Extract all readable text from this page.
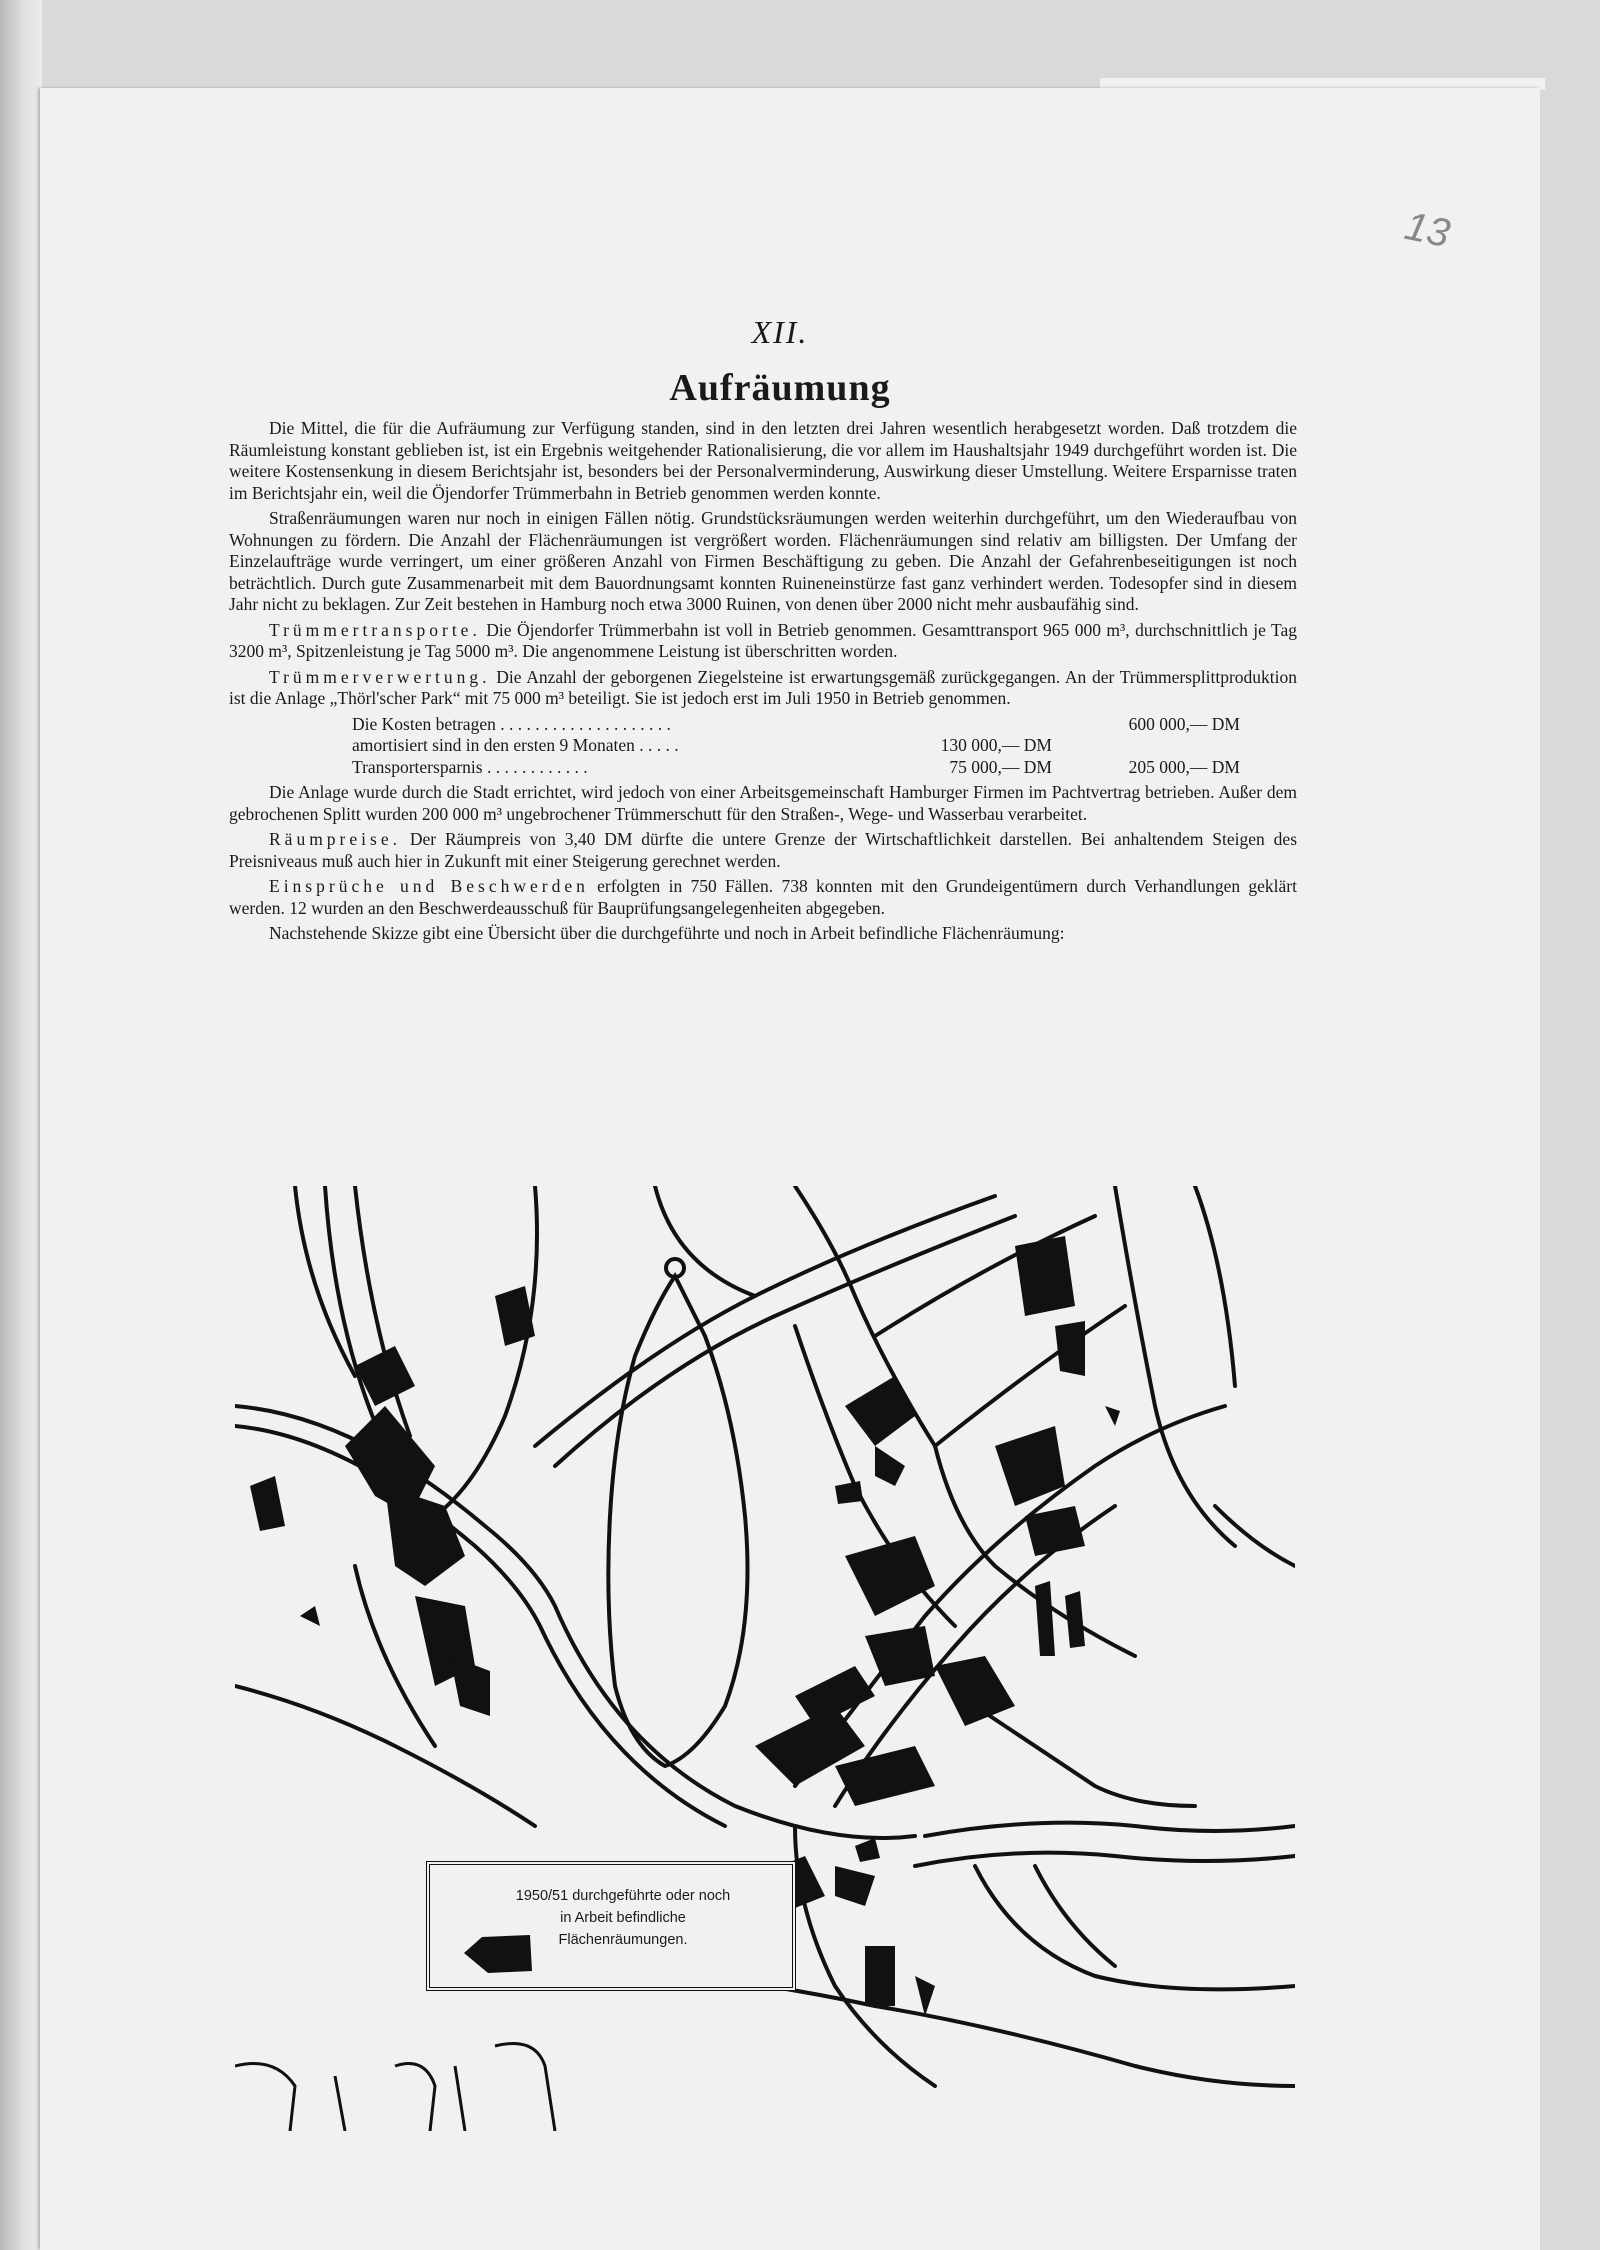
13
XII.
Aufräumung

Die Mittel, die für die Aufräumung zur Verfügung standen, sind in den letzten drei Jahren wesentlich herabgesetzt worden. Daß trotzdem die Räumleistung konstant geblieben ist, ist ein Ergebnis weitgehender Rationalisierung, die vor allem im Haushaltsjahr 1949 durchgeführt worden ist. Die weitere Kostensenkung in diesem Berichtsjahr ist, besonders bei der Personalverminderung, Auswirkung dieser Umstellung. Weitere Ersparnisse traten im Berichtsjahr ein, weil die Öjendorfer Trümmerbahn in Betrieb genommen werden konnte.

Straßenräumungen waren nur noch in einigen Fällen nötig. Grundstücksräumungen werden weiterhin durchgeführt, um den Wiederaufbau von Wohnungen zu fördern. Die Anzahl der Flächenräumungen ist vergrößert worden. Flächenräumungen sind relativ am billigsten. Der Umfang der Einzelaufträge wurde verringert, um einer größeren Anzahl von Firmen Beschäftigung zu geben. Die Anzahl der Gefahrenbeseitigungen ist noch beträchtlich. Durch gute Zusammenarbeit mit dem Bauordnungsamt konnten Ruineneinstürze fast ganz verhindert werden. Todesopfer sind in diesem Jahr nicht zu beklagen. Zur Zeit bestehen in Hamburg noch etwa 3000 Ruinen, von denen über 2000 nicht mehr ausbaufähig sind.

Trümmertransporte. Die Öjendorfer Trümmerbahn ist voll in Betrieb genommen. Gesamttransport 965 000 m³, durchschnittlich je Tag 3200 m³, Spitzenleistung je Tag 5000 m³. Die angenommene Leistung ist überschritten worden.

Trümmerverwertung. Die Anzahl der geborgenen Ziegelsteine ist erwartungsgemäß zurückgegangen. An der Trümmersplittproduktion ist die Anlage „Thörl'scher Park“ mit 75 000 m³ beteiligt. Sie ist jedoch erst im Juli 1950 in Betrieb genommen.

Die Kosten betragen . . . . . . . . . . . . . . . . . . . .		600 000,— DM
amortisiert sind in den ersten 9 Monaten . . . . .	130 000,— DM	
Transportersparnis . . . . . . . . . . . .	75 000,— DM	205 000,— DM

Die Anlage wurde durch die Stadt errichtet, wird jedoch von einer Arbeitsgemeinschaft Hamburger Firmen im Pachtvertrag betrieben. Außer dem gebrochenen Splitt wurden 200 000 m³ ungebrochener Trümmerschutt für den Straßen-, Wege- und Wasserbau verarbeitet.

Räumpreise. Der Räumpreis von 3,40 DM dürfte die untere Grenze der Wirtschaftlichkeit darstellen. Bei anhaltendem Steigen des Preisniveaus muß auch hier in Zukunft mit einer Steigerung gerechnet werden.

Einsprüche und Beschwerden erfolgten in 750 Fällen. 738 konnten mit den Grundeigentümern durch Verhandlungen geklärt werden. 12 wurden an den Beschwerdeausschuß für Bauprüfungsangelegenheiten abgegeben.

Nachstehende Skizze gibt eine Übersicht über die durchgeführte und noch in Arbeit befindliche Flächenräumung:

1950/51 durchgeführte oder noch
in Arbeit befindliche
Flächenräumungen.
